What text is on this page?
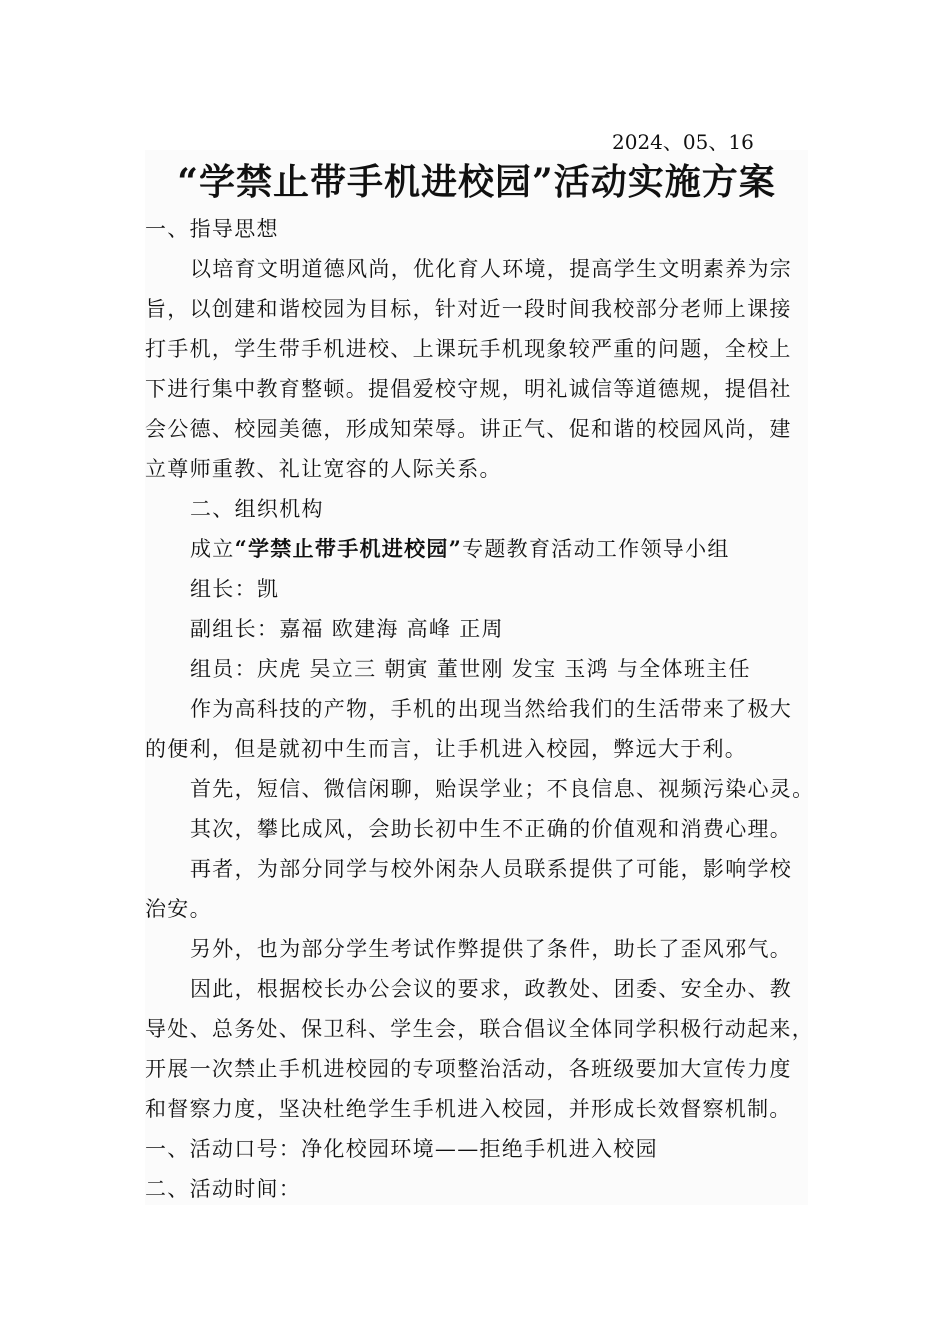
2024、05、16
“学禁止带手机进校园”活动实施方案
一、指导思想
以培育文明道德风尚，优化育人环境，提高学生文明素养为宗
旨，以创建和谐校园为目标，针对近一段时间我校部分老师上课接
打手机，学生带手机进校、上课玩手机现象较严重的问题，全校上
下进行集中教育整顿。提倡爱校守规，明礼诚信等道德规，提倡社
会公德、校园美德，形成知荣辱。讲正气、促和谐的校园风尚，建
立尊师重教、礼让宽容的人际关系。
二、组织机构
成立“学禁止带手机进校园”专题教育活动工作领导小组
组长：凯
副组长：嘉福 欧建海 高峰 正周
组员：庆虎 吴立三 朝寅 董世刚 发宝 玉鸿 与全体班主任
作为高科技的产物，手机的出现当然给我们的生活带来了极大
的便利，但是就初中生而言，让手机进入校园，弊远大于利。
首先，短信、微信闲聊，贻误学业；不良信息、视频污染心灵。
其次，攀比成风，会助长初中生不正确的价值观和消费心理。
再者，为部分同学与校外闲杂人员联系提供了可能，影响学校
治安。
另外，也为部分学生考试作弊提供了条件，助长了歪风邪气。
因此，根据校长办公会议的要求，政教处、团委、安全办、教
导处、总务处、保卫科、学生会，联合倡议全体同学积极行动起来，
开展一次禁止手机进校园的专项整治活动，各班级要加大宣传力度
和督察力度，坚决杜绝学生手机进入校园，并形成长效督察机制。
一、活动口号：净化校园环境——拒绝手机进入校园
二、活动时间：
